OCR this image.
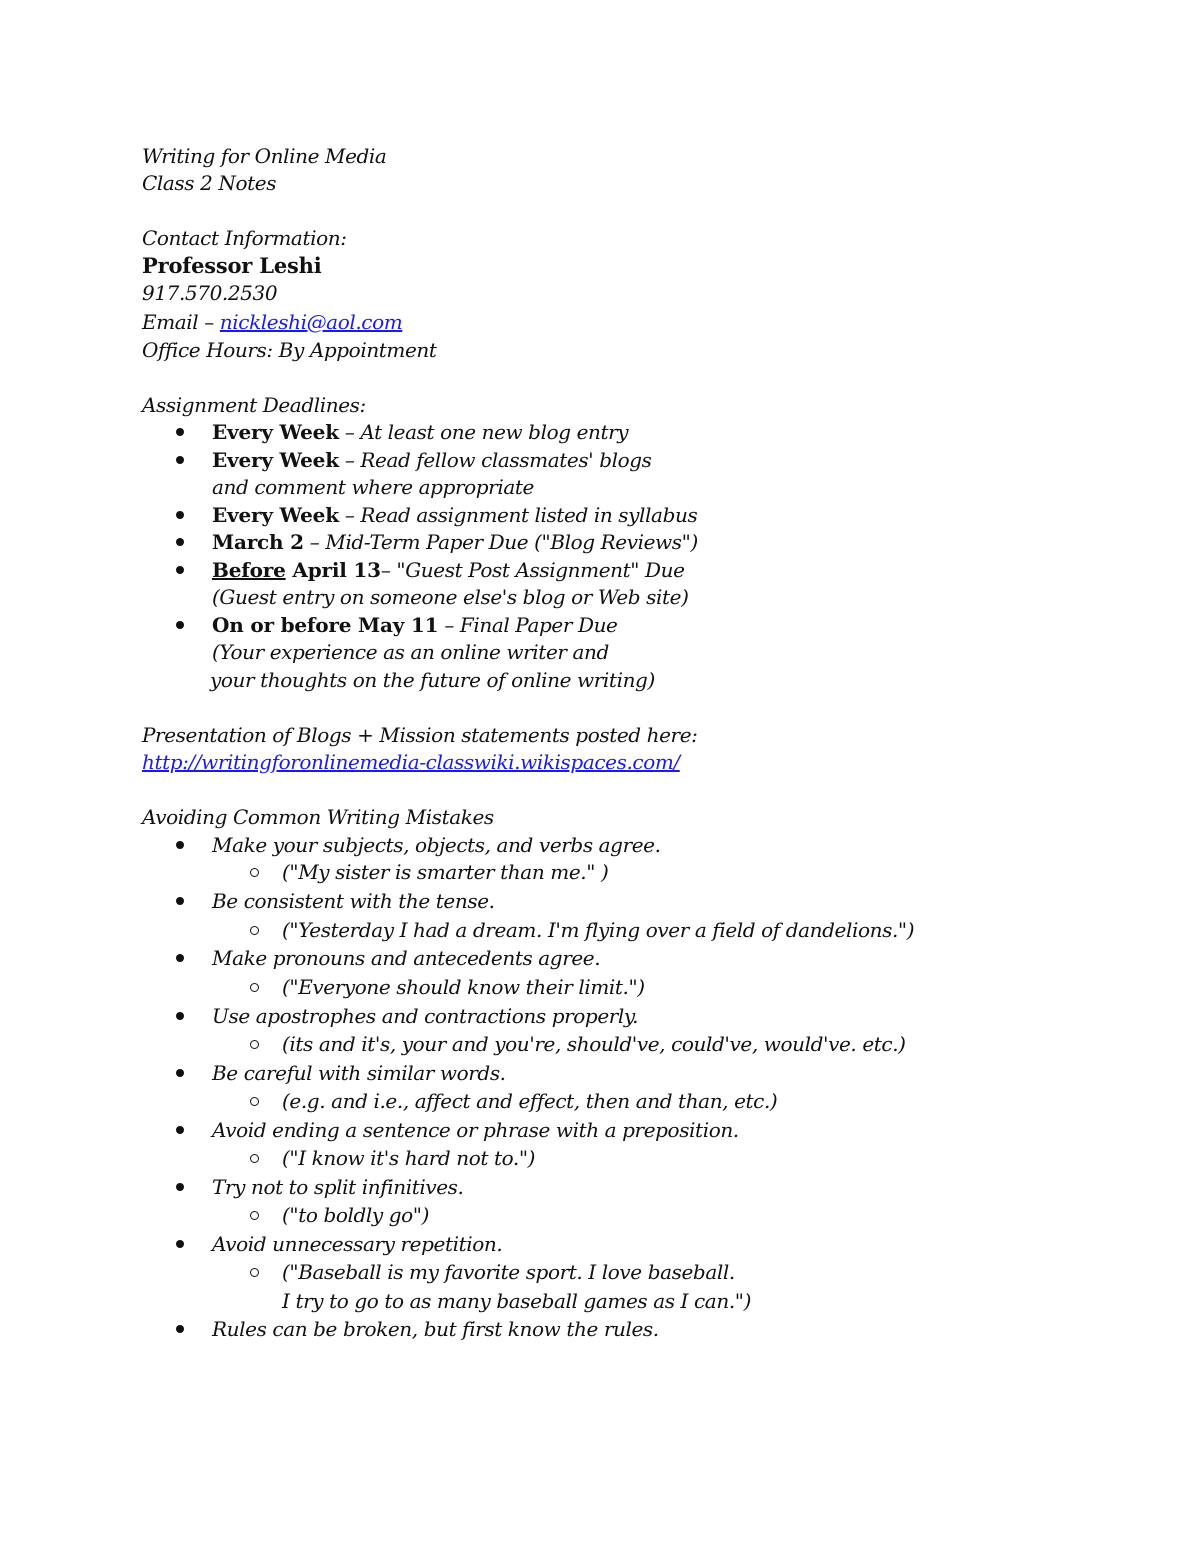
Writing for Online Media
Class 2 Notes
Contact Information:
Professor Leshi
917.570.2530
Email – nickleshi@aol.com
Office Hours: By Appointment
Assignment Deadlines:
Every Week – At least one new blog entry
Every Week – Read fellow classmates' blogs
and comment where appropriate
Every Week – Read assignment listed in syllabus
March 2 – Mid-Term Paper Due ("Blog Reviews")
Before April 13– "Guest Post Assignment" Due
(Guest entry on someone else's blog or Web site)
On or before May 11 – Final Paper Due
(Your experience as an online writer and
your thoughts on the future of online writing)
Presentation of Blogs + Mission statements posted here:
http://writingforonlinemedia-classwiki.wikispaces.com/
Avoiding Common Writing Mistakes
Make your subjects, objects, and verbs agree.
("My sister is smarter than me." )
Be consistent with the tense.
("Yesterday I had a dream. I'm flying over a field of dandelions.")
Make pronouns and antecedents agree.
("Everyone should know their limit.")
Use apostrophes and contractions properly.
(its and it's, your and you're, should've, could've, would've. etc.)
Be careful with similar words.
(e.g. and i.e., affect and effect, then and than, etc.)
Avoid ending a sentence or phrase with a preposition.
("I know it's hard not to.")
Try not to split infinitives.
("to boldly go")
Avoid unnecessary repetition.
("Baseball is my favorite sport. I love baseball.
I try to go to as many baseball games as I can.")
Rules can be broken, but first know the rules.
